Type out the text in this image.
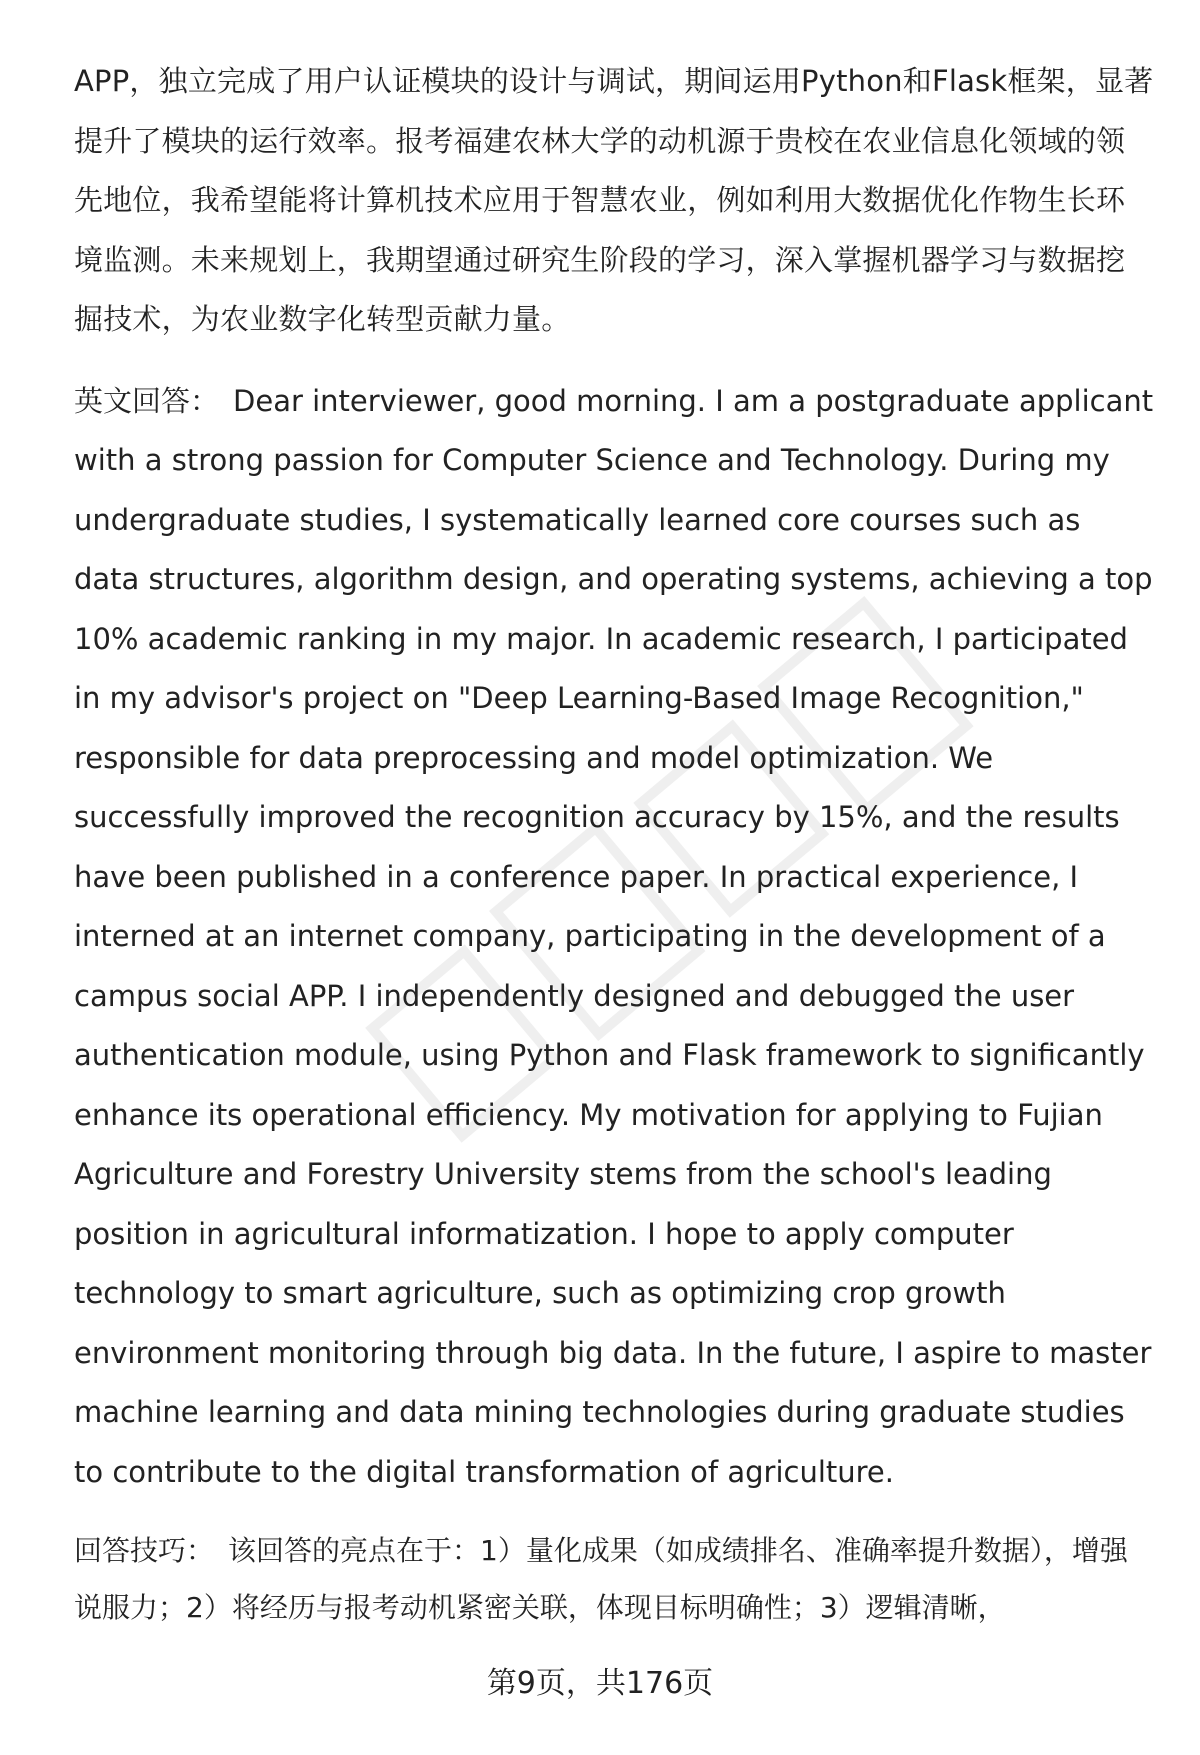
APP，独立完成了用户认证模块的设计与调试，期间运用Python和Flask框架，显著提升了模块的运行效率。报考福建农林大学的动机源于贵校在农业信息化领域的领先地位，我希望能将计算机技术应用于智慧农业，例如利用大数据优化作物生长环境监测。未来规划上，我期望通过研究生阶段的学习，深入掌握机器学习与数据挖掘技术，为农业数字化转型贡献力量。

英文回答： Dear interviewer, good morning. I am a postgraduate applicant with a strong passion for Computer Science and Technology. During my undergraduate studies, I systematically learned core courses such as data structures, algorithm design, and operating systems, achieving a top 10% academic ranking in my major. In academic research, I participated in my advisor's project on "Deep Learning-Based Image Recognition," responsible for data preprocessing and model optimization. We successfully improved the recognition accuracy by 15%, and the results have been published in a conference paper. In practical experience, I interned at an internet company, participating in the development of a campus social APP. I independently designed and debugged the user authentication module, using Python and Flask framework to significantly enhance its operational efficiency. My motivation for applying to Fujian Agriculture and Forestry University stems from the school's leading position in agricultural informatization. I hope to apply computer technology to smart agriculture, such as optimizing crop growth environment monitoring through big data. In the future, I aspire to master machine learning and data mining technologies during graduate studies to contribute to the digital transformation of agriculture.

回答技巧： 该回答的亮点在于：1）量化成果（如成绩排名、准确率提升数据），增强说服力；2）将经历与报考动机紧密关联，体现目标明确性；3）逻辑清晰，

第9页，共176页
